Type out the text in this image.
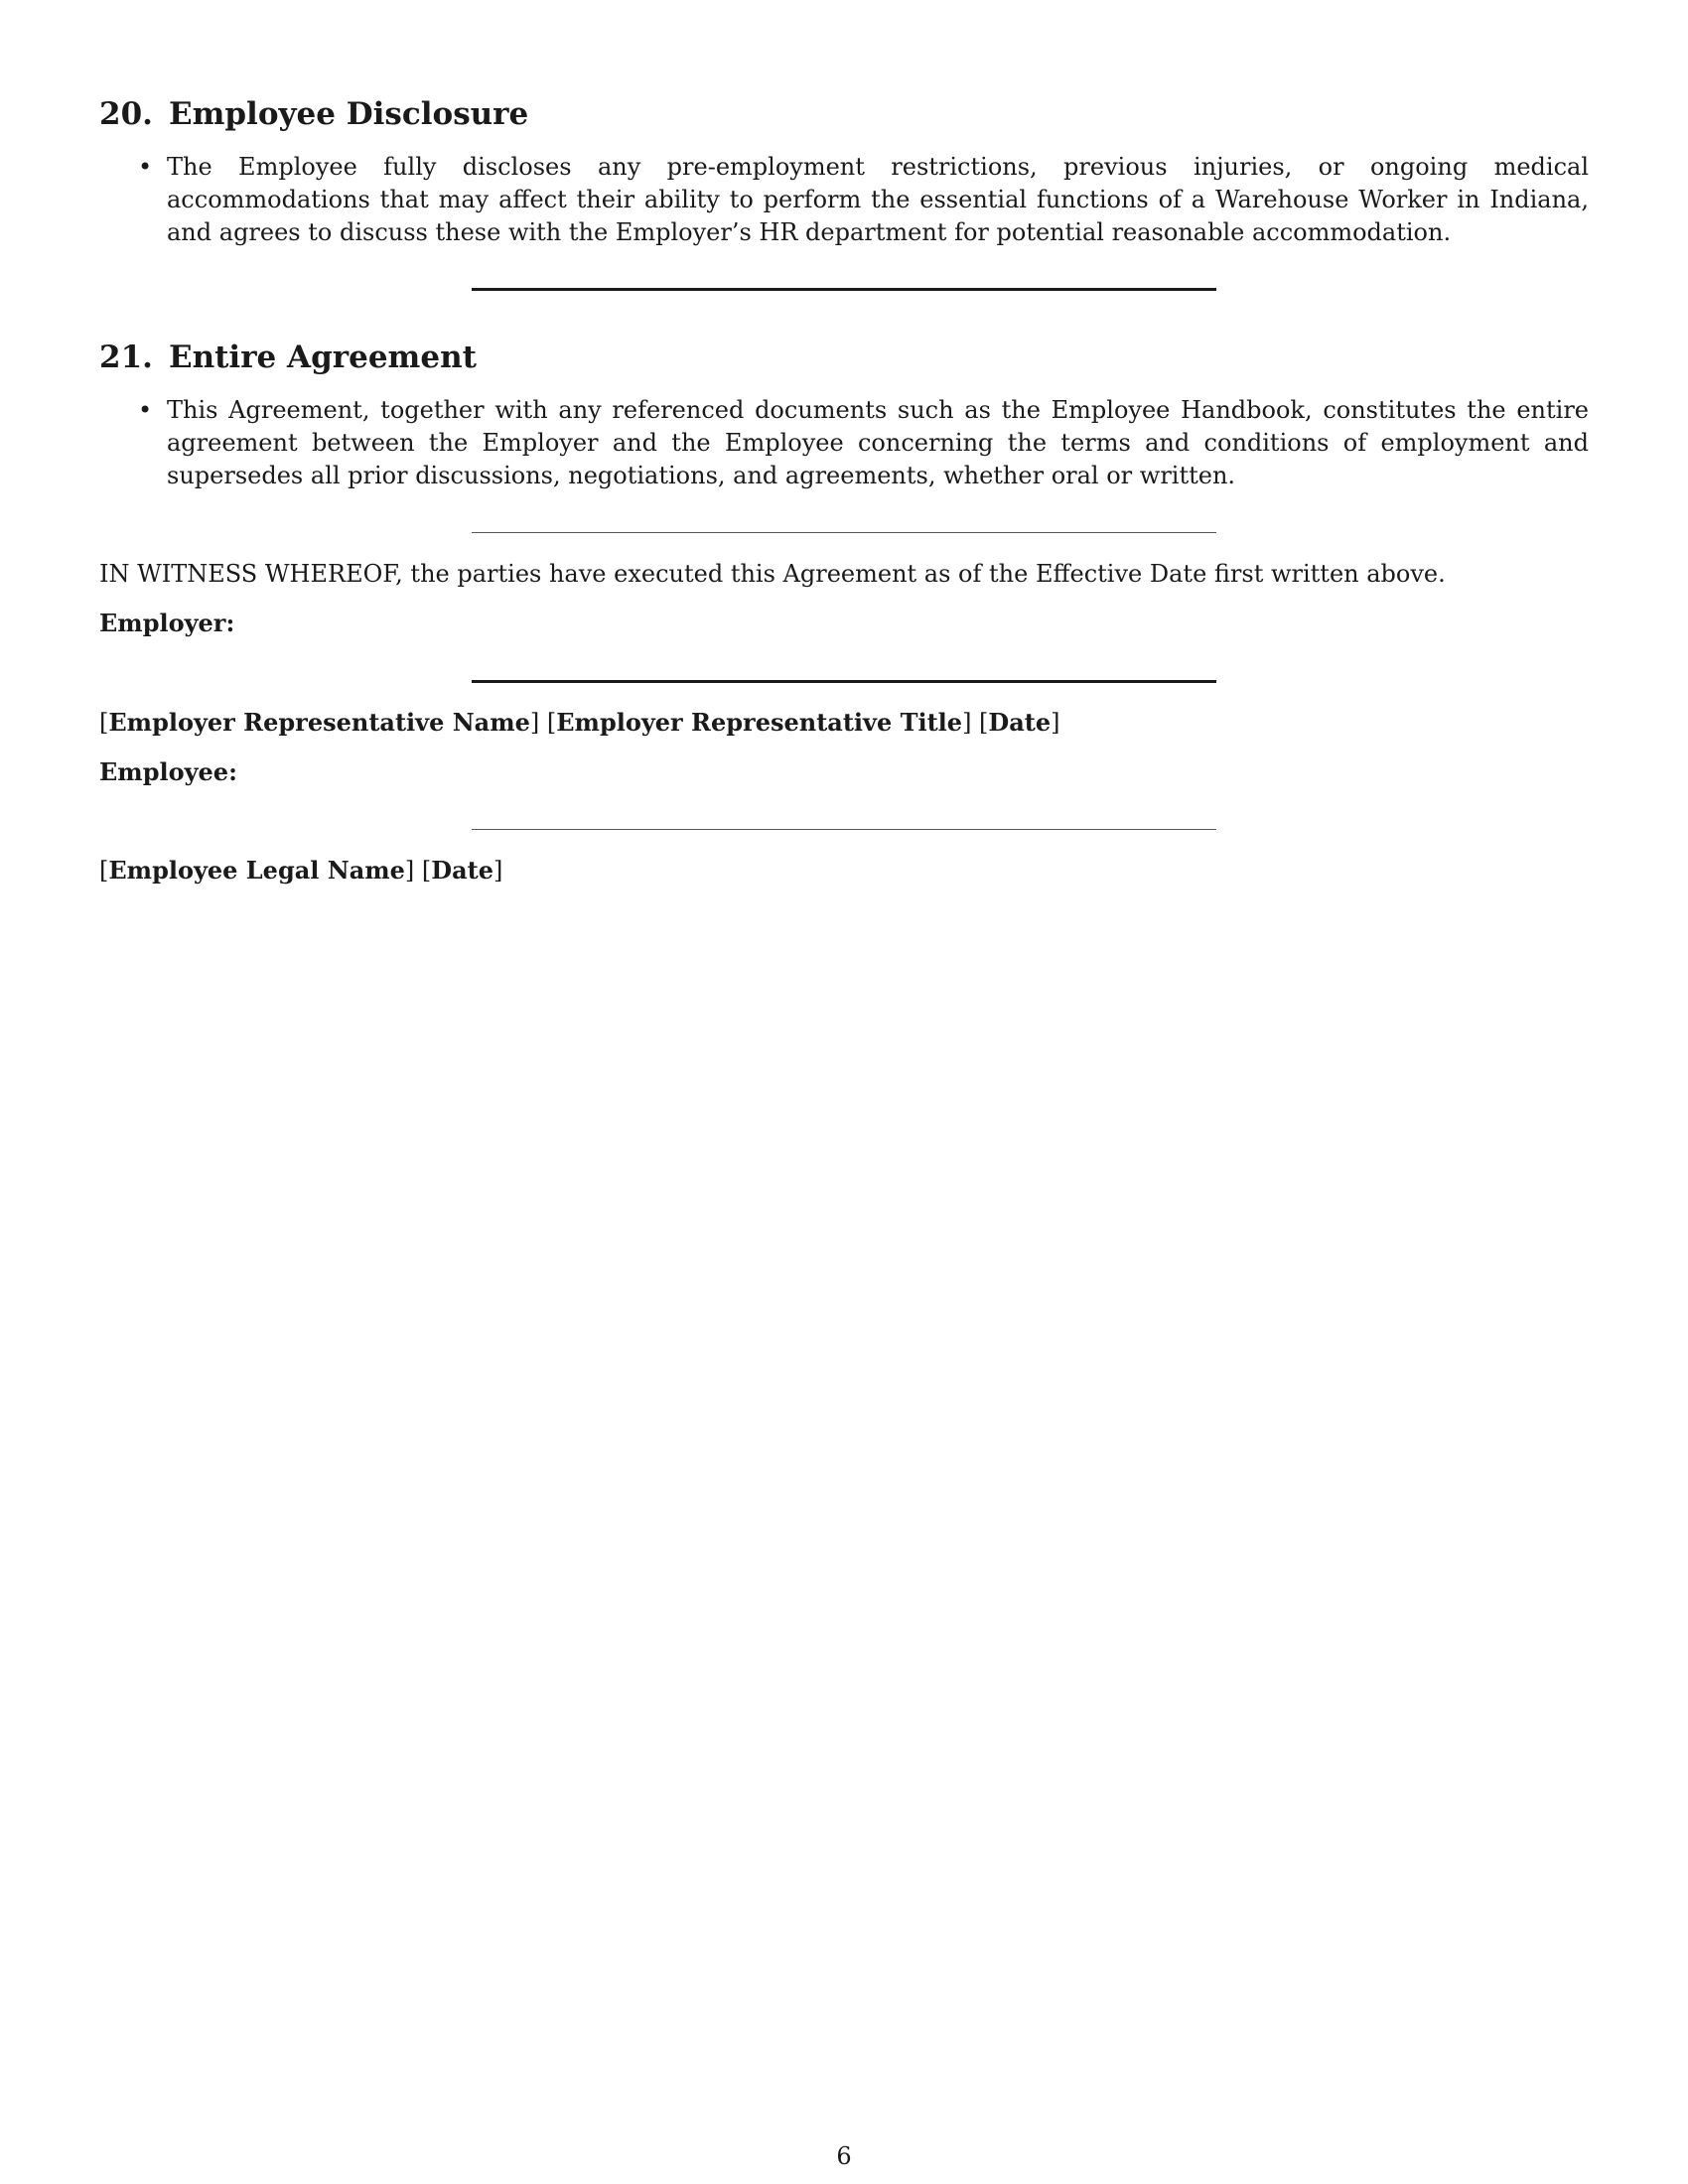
20. Employee Disclosure
• The Employee fully discloses any pre-employment restrictions, previous injuries, or ongoing medical accommodations that may affect their ability to perform the essential functions of a Warehouse Worker in Indiana, and agrees to discuss these with the Employer’s HR department for potential reasonable accommodation.
21. Entire Agreement
• This Agreement, together with any referenced documents such as the Employee Handbook, constitutes the entire agreement between the Employer and the Employee concerning the terms and conditions of employment and supersedes all prior discussions, negotiations, and agreements, whether oral or written.
IN WITNESS WHEREOF, the parties have executed this Agreement as of the Effective Date first written above.
Employer:
[Employer Representative Name] [Employer Representative Title] [Date]
Employee:
[Employee Legal Name] [Date]
6
